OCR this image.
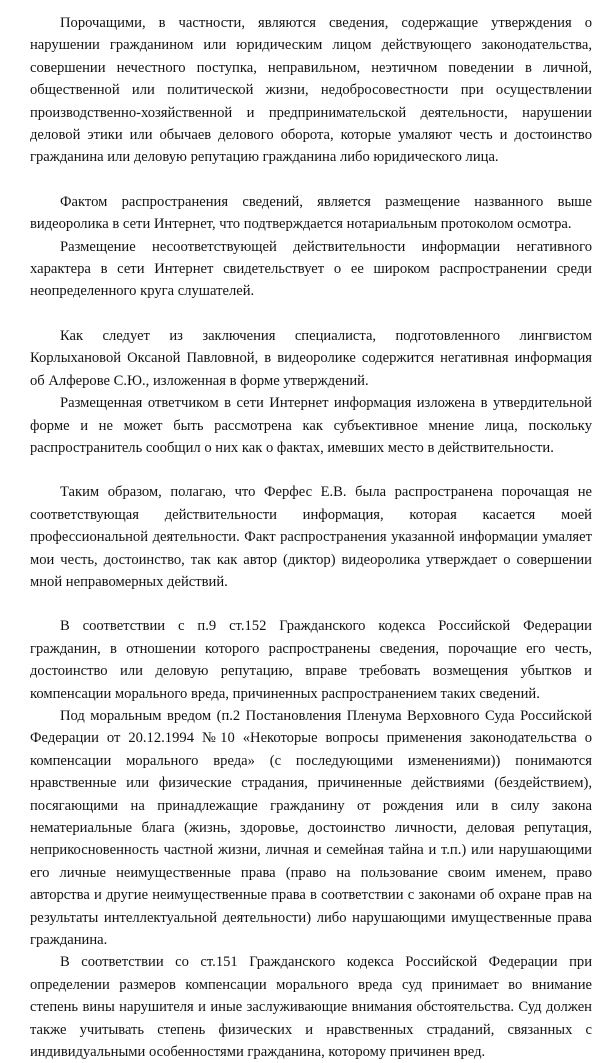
Порочащими, в частности, являются сведения, содержащие утверждения о нарушении гражданином или юридическим лицом действующего законодательства, совершении нечестного поступка, неправильном, неэтичном поведении в личной, общественной или политической жизни, недобросовестности при осуществлении производственно-хозяйственной и предпринимательской деятельности, нарушении деловой этики или обычаев делового оборота, которые умаляют честь и достоинство гражданина или деловую репутацию гражданина либо юридического лица.

Фактом распространения сведений, является размещение названного выше видеоролика в сети Интернет, что подтверждается нотариальным протоколом осмотра.

Размещение несоответствующей действительности информации негативного характера в сети Интернет свидетельствует о ее широком распространении среди неопределенного круга слушателей.

Как следует из заключения специалиста, подготовленного лингвистом Корлыхановой Оксаной Павловной, в видеоролике содержится негативная информация об Алферове С.Ю., изложенная в форме утверждений.

Размещенная ответчиком в сети Интернет информация изложена в утвердительной форме и не может быть рассмотрена как субъективное мнение лица, поскольку распространитель сообщил о них как о фактах, имевших место в действительности.

Таким образом, полагаю, что Ферфес Е.В. была распространена порочащая не соответствующая действительности информация, которая касается моей профессиональной деятельности. Факт распространения указанной информации умаляет мои честь, достоинство, так как автор (диктор) видеоролика утверждает о совершении мной неправомерных действий.

В соответствии с п.9 ст.152 Гражданского кодекса Российской Федерации гражданин, в отношении которого распространены сведения, порочащие его честь, достоинство или деловую репутацию, вправе требовать возмещения убытков и компенсации морального вреда, причиненных распространением таких сведений.

Под моральным вредом (п.2 Постановления Пленума Верховного Суда Российской Федерации от 20.12.1994 №10 «Некоторые вопросы применения законодательства о компенсации морального вреда» (с последующими изменениями)) понимаются нравственные или физические страдания, причиненные действиями (бездействием), посягающими на принадлежащие гражданину от рождения или в силу закона нематериальные блага (жизнь, здоровье, достоинство личности, деловая репутация, неприкосновенность частной жизни, личная и семейная тайна и т.п.) или нарушающими его личные неимущественные права (право на пользование своим именем, право авторства и другие неимущественные права в соответствии с законами об охране прав на результаты интеллектуальной деятельности) либо нарушающими имущественные права гражданина.

В соответствии со ст.151 Гражданского кодекса Российской Федерации при определении размеров компенсации морального вреда суд принимает во внимание степень вины нарушителя и иные заслуживающие внимания обстоятельства. Суд должен также учитывать степень физических и нравственных страданий, связанных с индивидуальными особенностями гражданина, которому причинен вред.
